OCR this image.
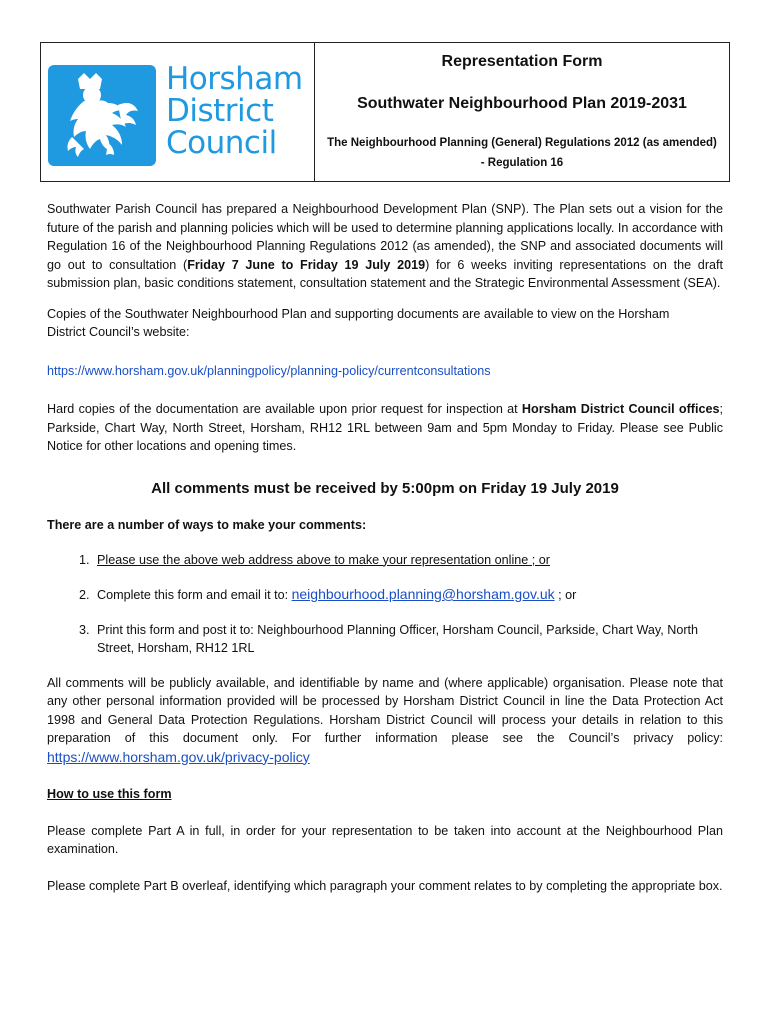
Horsham
District
Council
Representation Form
Southwater Neighbourhood Plan 2019-2031
The Neighbourhood Planning (General) Regulations 2012 (as amended) - Regulation 16

Southwater Parish Council has prepared a Neighbourhood Development Plan (SNP). The Plan sets out a vision for the future of the parish and planning policies which will be used to determine planning applications locally. In accordance with Regulation 16 of the Neighbourhood Planning Regulations 2012 (as amended), the SNP and associated documents will go out to consultation (Friday 7 June to Friday 19 July 2019) for 6 weeks inviting representations on the draft submission plan, basic conditions statement, consultation statement and the Strategic Environmental Assessment (SEA).

Copies of the Southwater Neighbourhood Plan and supporting documents are available to view on the Horsham
District Council’s website:

https://www.horsham.gov.uk/planningpolicy/planning-policy/currentconsultations

Hard copies of the documentation are available upon prior request for inspection at Horsham District Council offices; Parkside, Chart Way, North Street, Horsham, RH12 1RL between 9am and 5pm Monday to Friday. Please see Public Notice for other locations and opening times.

All comments must be received by 5:00pm on Friday 19 July 2019
There are a number of ways to make your comments:
1. Please use the above web address above to make your representation online ; or
2. Complete this form and email it to: neighbourhood.planning@horsham.gov.uk ; or
3. Print this form and post it to: Neighbourhood Planning Officer, Horsham Council, Parkside, Chart Way, North Street, Horsham, RH12 1RL

All comments will be publicly available, and identifiable by name and (where applicable) organisation. Please note that any other personal information provided will be processed by Horsham District Council in line the Data Protection Act 1998 and General Data Protection Regulations. Horsham District Council will process your details in relation to this preparation of this document only. For further information please see the Council’s privacy policy: https://www.horsham.gov.uk/privacy-policy

How to use this form

Please complete Part A in full, in order for your representation to be taken into account at the Neighbourhood Plan examination.

Please complete Part B overleaf, identifying which paragraph your comment relates to by completing the appropriate box.
